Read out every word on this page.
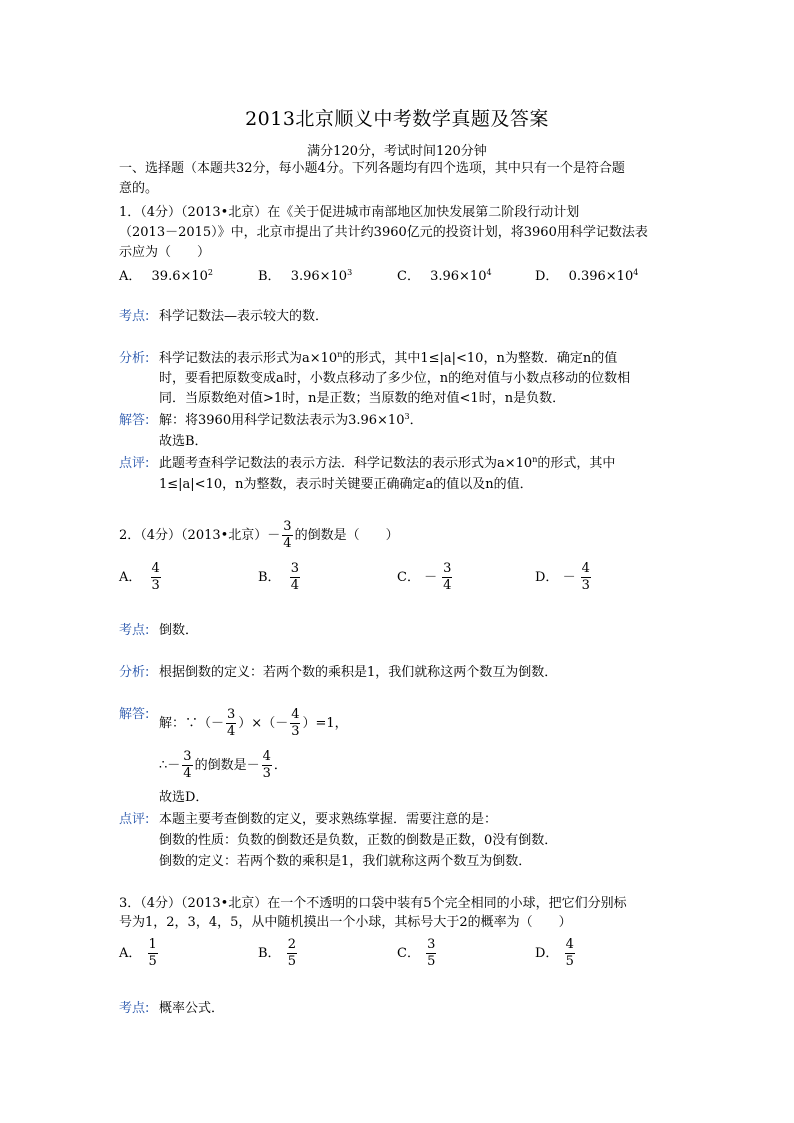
2013北京顺义中考数学真题及答案
满分120分，考试时间120分钟
一、选择题（本题共32分，每小题4分。下列各题均有四个选项，其中只有一个是符合题
意的。
1．（4分）（2013•北京）在《关于促进城市南部地区加快发展第二阶段行动计划
（2013－2015）》中，北京市提出了共计约3960亿元的投资计划，将3960用科学记数法表
示应为（　　）
A． $39.6\times 10^2$	B． $3.96\times 10^3$	C． $3.96\times 10^4$	D． $0.396\times 10^4$
考点: 科学记数法—表示较大的数．
分析: 科学记数法的表示形式为$a\times 10^n$的形式，其中1≤|a|<10，n为整数．确定n的值
时，要看把原数变成a时，小数点移动了多少位，n的绝对值与小数点移动的位数相
同．当原数绝对值>1时，n是正数；当原数的绝对值<1时，n是负数．
解答: 解：将3960用科学记数法表示为$3.96\times 10^3$．
故选B．
点评: 此题考查科学记数法的表示方法．科学记数法的表示形式为$a\times 10^n$的形式，其中
1≤|a|<10，n为整数，表示时关键要正确确定a的值以及n的值．
2．（4分）（2013•北京）－ $\frac{3}{4}$ 的倒数是（　　）
A． $\frac{4}{3}$	B． $\frac{3}{4}$	C． － $\frac{3}{4}$	D． － $\frac{4}{3}$
考点: 倒数．
分析: 根据倒数的定义：若两个数的乘积是1，我们就称这两个数互为倒数．
解答:
解：∵（－ $\frac{3}{4}$ ）×（－ $\frac{4}{3} )=1$，
∴－ $\frac{3}{4}$ 的倒数是－ $\frac{4}{3}$ ．
故选D．
点评: 本题主要考查倒数的定义，要求熟练掌握．需要注意的是：
倒数的性质：负数的倒数还是负数，正数的倒数是正数，0没有倒数．
倒数的定义：若两个数的乘积是1，我们就称这两个数互为倒数．
3．（4分）（2013•北京）在一个不透明的口袋中装有5个完全相同的小球，把它们分别标
号为1，2，3，4，5，从中随机摸出一个小球，其标号大于2的概率为（　　）
A． $\frac{1}{5}$	B． $\frac{2}{5}$	C． $\frac{3}{5}$	D． $\frac{4}{5}$
考点: 概率公式．
